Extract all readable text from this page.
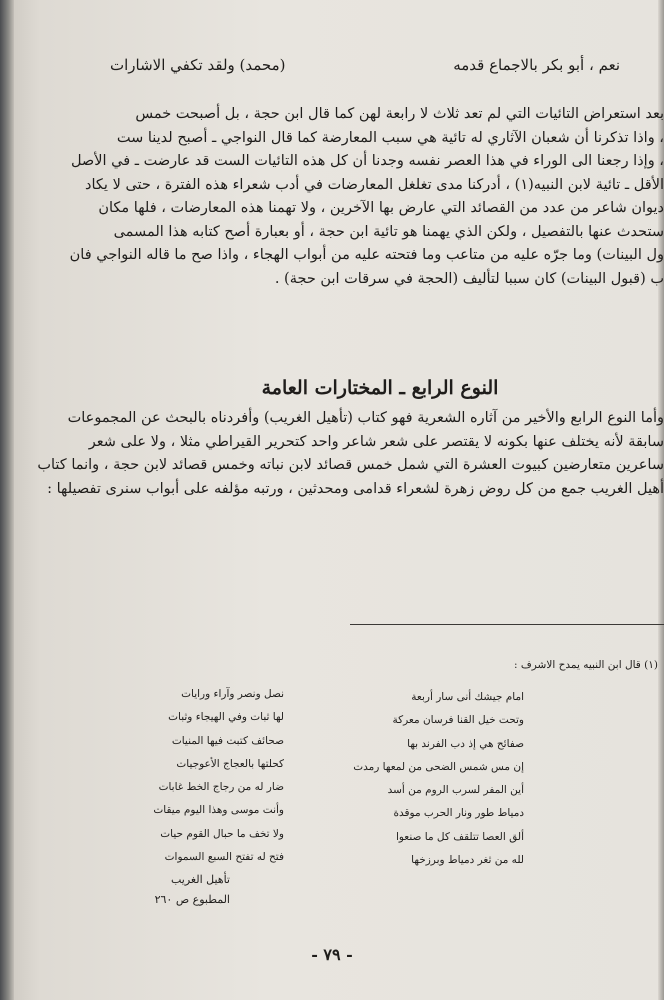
نعم ، أبو بكر بالاجماع قدمه
(محمد) ولقد تكفي الاشارات
بعد استعراض التائيات التي لم تعد ثلاث لا رابعة لهن كما قال ابن حجة ، بل أصبحت خمس
، واذا تذكرنا أن شعبان الآثاري له تائية هي سبب المعارضة كما قال النواجي ـ أصبح لدينا ست
، وإذا رجعنا الى الوراء في هذا العصر نفسه وجدنا أن كل هذه التائيات الست قد عارضت ـ في الأصل
الأقل ـ تائية لابن النبيه(١) ، أدركنا مدى تغلغل المعارضات في أدب شعراء هذه الفترة ، حتى لا يكاد
ديوان شاعر من عدد من القصائد التي عارض بها الآخرين ، ولا تهمنا هذه المعارضات ، فلها مكان
ستحدث عنها بالتفصيل ، ولكن الذي يهمنا هو تائية ابن حجة ، أو بعبارة أصح كتابه هذا المسمى
ول البينات) وما جرّه عليه من متاعب وما فتحته عليه من أبواب الهجاء ، واذا صح ما قاله النواجي فان
ب (قبول البينات) كان سببا لتأليف (الحجة في سرقات ابن حجة) .
النوع الرابع ـ المختارات العامة
وأما النوع الرابع والأخير من آثاره الشعرية فهو كتاب (تأهيل الغريب) وأفردناه بالبحث عن المجموعات
سابقة لأنه يختلف عنها بكونه لا يقتصر على شعر شاعر واحد كتحرير القيراطي مثلا ، ولا على شعر
ساعرين متعارضين كبيوت العشرة التي شمل خمس قصائد لابن نباته وخمس قصائد لابن حجة ، وانما كتاب
أهيل الغريب جمع من كل روض زهرة لشعراء قدامى ومحدثين ، ورتبه مؤلفه على أبواب سنرى تفصيلها :
(١) قال ابن النبيه يمدح الاشرف :
امام جيشك أنى سار أربعة
وتحت خيل القنا فرسان معركة
صفائح هي إذ دب الفرند بها
إن مس شمس الضحى من لمعها رمدت
أين المفر لسرب الروم من أسد
دمياط طور ونار الحرب موقدة
ألق العصا تتلقف كل ما صنعوا
لله من ثغر دمياط وبرزخها
نصل ونصر وآراء ورايات
لها ثبات وفي الهيجاء وثبات
صحائف كتبت فيها المنيات
كحلتها بالعجاج الأعوجيات
ضار له من رجاج الخط غابات
وأنت موسى وهذا اليوم ميقات
ولا تخف ما حبال القوم حيات
فتح له تفتح السبع السموات
تأهيل الغريب
المطبوع ص ٢٦٠
- ٧٩ -
